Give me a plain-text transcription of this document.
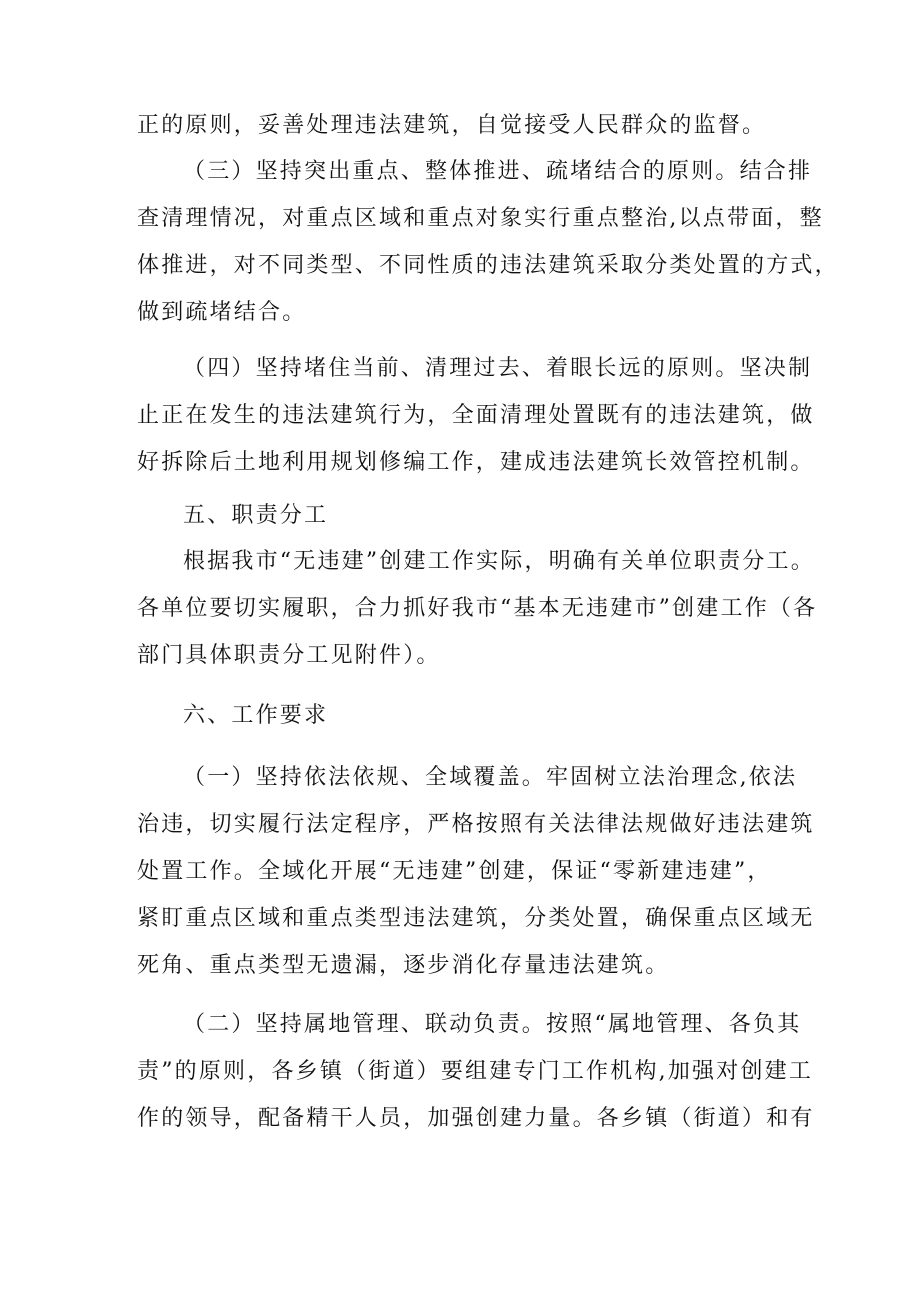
正的原则，妥善处理违法建筑，自觉接受人民群众的监督。
（三）坚持突出重点、整体推进、疏堵结合的原则。结合排
查清理情况，对重点区域和重点对象实行重点整治,以点带面，整
体推进，对不同类型、不同性质的违法建筑采取分类处置的方式，
做到疏堵结合。
（四）坚持堵住当前、清理过去、着眼长远的原则。坚决制
止正在发生的违法建筑行为，全面清理处置既有的违法建筑，做
好拆除后土地利用规划修编工作，建成违法建筑长效管控机制。
五、职责分工
根据我市“无违建”创建工作实际，明确有关单位职责分工。
各单位要切实履职，合力抓好我市“基本无违建市”创建工作（各
部门具体职责分工见附件）。
六、工作要求
（一）坚持依法依规、全域覆盖。牢固树立法治理念,依法
治违，切实履行法定程序，严格按照有关法律法规做好违法建筑
处置工作。全域化开展“无违建”创建，保证“零新建违建”，
紧盯重点区域和重点类型违法建筑，分类处置，确保重点区域无
死角、重点类型无遗漏，逐步消化存量违法建筑。
（二）坚持属地管理、联动负责。按照“属地管理、各负其
责”的原则，各乡镇（街道）要组建专门工作机构,加强对创建工
作的领导，配备精干人员，加强创建力量。各乡镇（街道）和有
